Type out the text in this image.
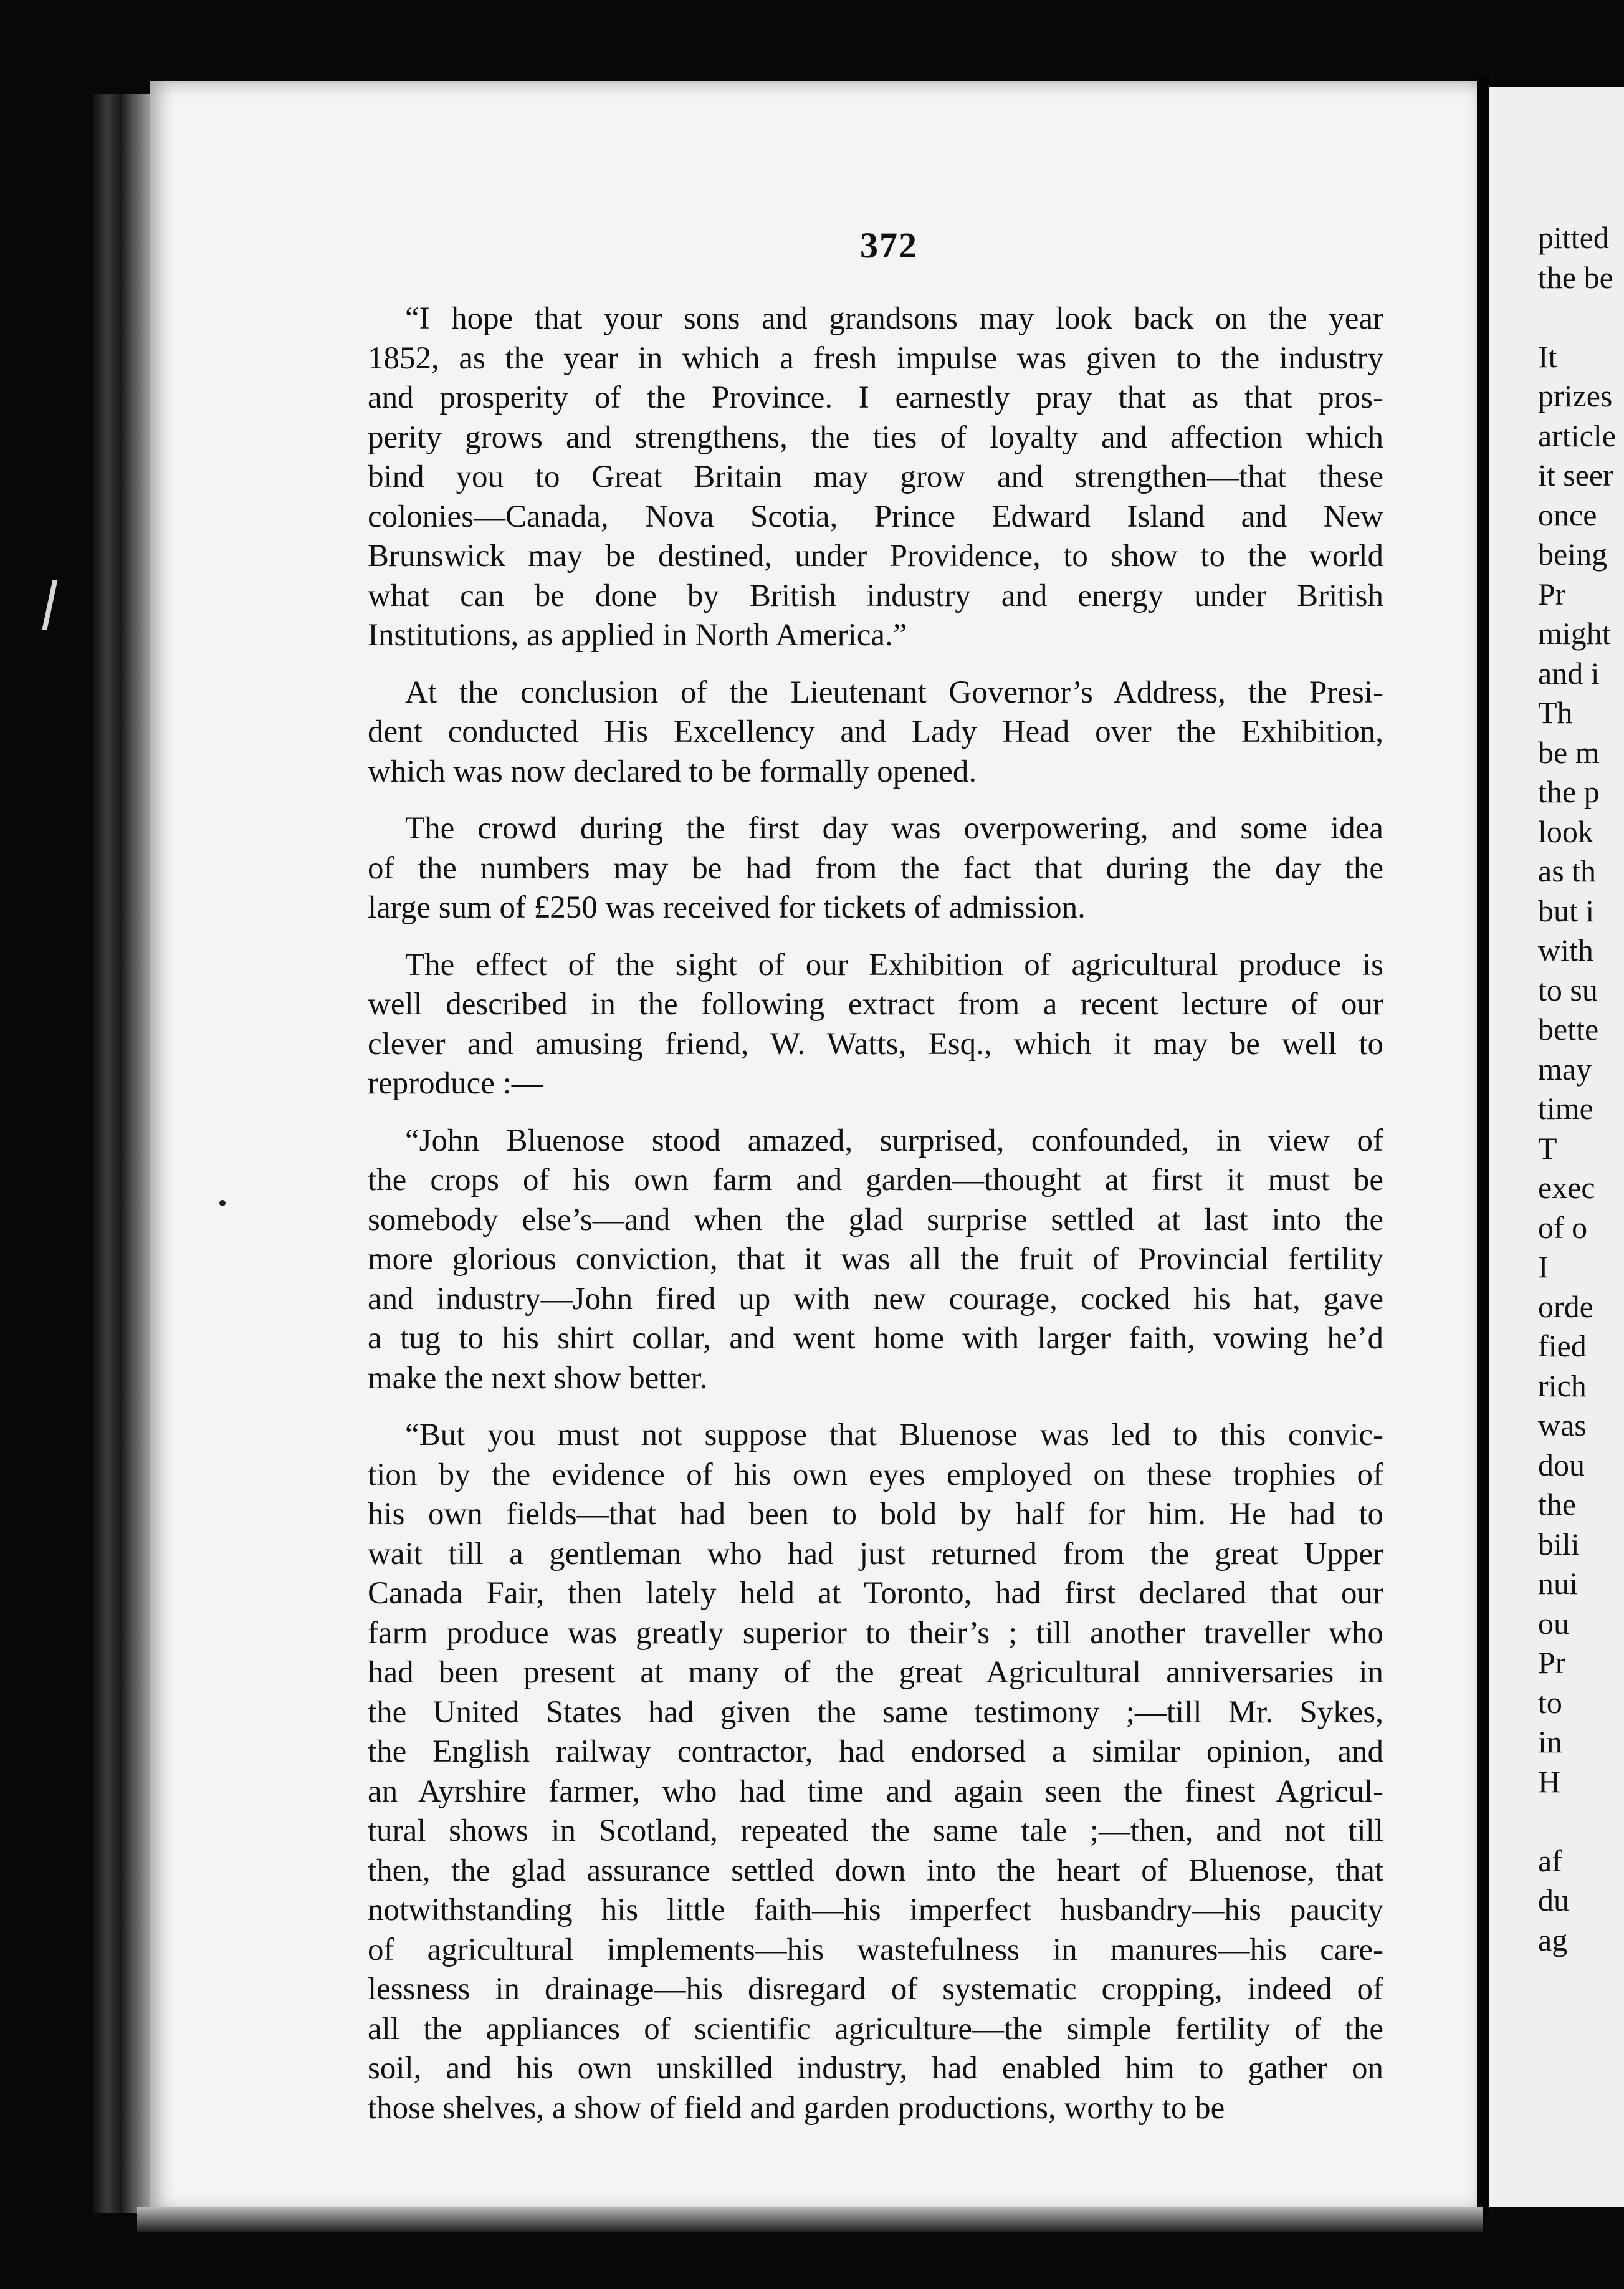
372
“I hope that your sons and grandsons may look back on the year
1852, as the year in which a fresh impulse was given to the industry
and prosperity of the Province. I earnestly pray that as that pros-
perity grows and strengthens, the ties of loyalty and affection which
bind you to Great Britain may grow and strengthen—that these
colonies—Canada, Nova Scotia, Prince Edward Island and New
Brunswick may be destined, under Providence, to show to the world
what can be done by British industry and energy under British
Institutions, as applied in North America.”
At the conclusion of the Lieutenant Governor’s Address, the Presi-
dent conducted His Excellency and Lady Head over the Exhibition,
which was now declared to be formally opened.
The crowd during the first day was overpowering, and some idea
of the numbers may be had from the fact that during the day the
large sum of £250 was received for tickets of admission.
The effect of the sight of our Exhibition of agricultural produce is
well described in the following extract from a recent lecture of our
clever and amusing friend, W. Watts, Esq., which it may be well to
reproduce :—
“John Bluenose stood amazed, surprised, confounded, in view of
the crops of his own farm and garden—thought at first it must be
somebody else’s—and when the glad surprise settled at last into the
more glorious conviction, that it was all the fruit of Provincial fertility
and industry—John fired up with new courage, cocked his hat, gave
a tug to his shirt collar, and went home with larger faith, vowing he’d
make the next show better.
“But you must not suppose that Bluenose was led to this convic-
tion by the evidence of his own eyes employed on these trophies of
his own fields—that had been to bold by half for him. He had to
wait till a gentleman who had just returned from the great Upper
Canada Fair, then lately held at Toronto, had first declared that our
farm produce was greatly superior to their’s ; till another traveller who
had been present at many of the great Agricultural anniversaries in
the United States had given the same testimony ;—till Mr. Sykes,
the English railway contractor, had endorsed a similar opinion, and
an Ayrshire farmer, who had time and again seen the finest Agricul-
tural shows in Scotland, repeated the same tale ;—then, and not till
then, the glad assurance settled down into the heart of Bluenose, that
notwithstanding his little faith—his imperfect husbandry—his paucity
of agricultural implements—his wastefulness in manures—his care-
lessness in drainage—his disregard of systematic cropping, indeed of
all the appliances of scientific agriculture—the simple fertility of the
soil, and his own unskilled industry, had enabled him to gather on
those shelves, a show of field and garden productions, worthy to be
pitted
the be
It
prizes
article
it seer
once
being
Pr
might
and i
Th
be m
the p
look
as th
but i
with
to su
bette
may
time
T
exec
of o
I
orde
fied
rich
was
dou
the
bili
nui
ou
Pr
to
in
H
af
du
ag
